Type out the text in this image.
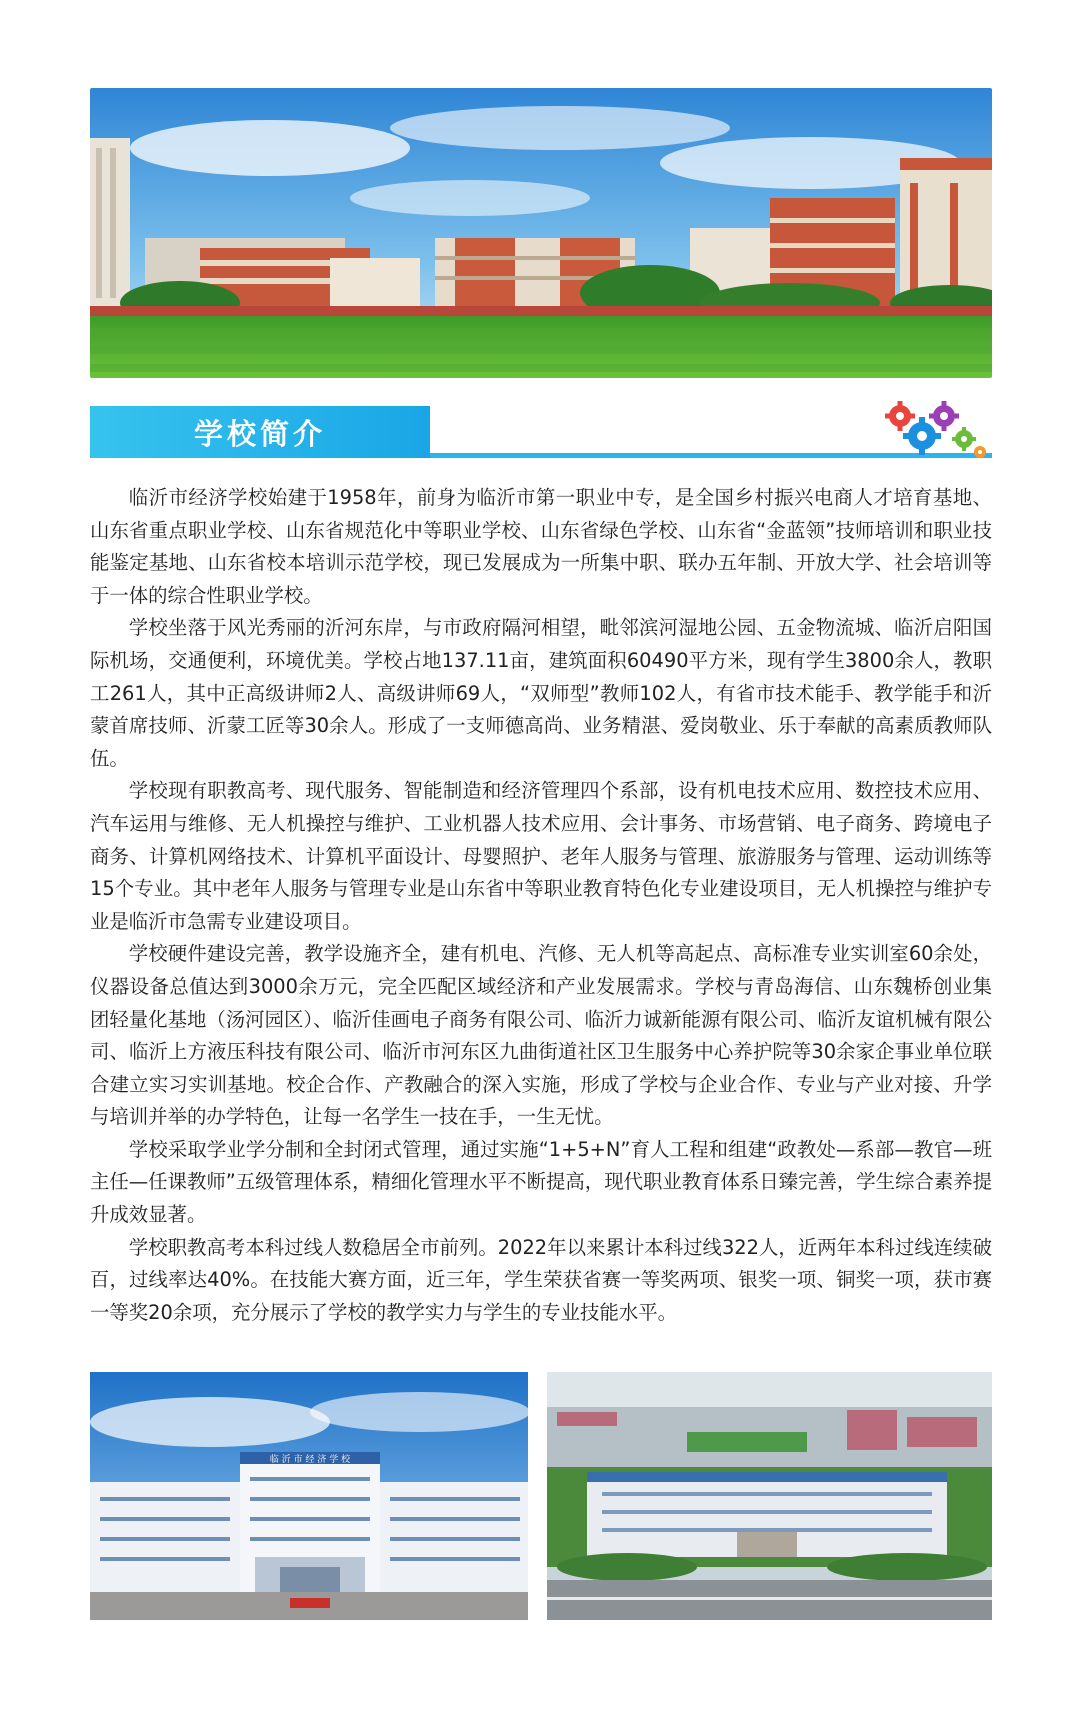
学校简介

临沂市经济学校始建于1958年，前身为临沂市第一职业中专，是全国乡村振兴电商人才培育基地、山东省重点职业学校、山东省规范化中等职业学校、山东省绿色学校、山东省“金蓝领”技师培训和职业技能鉴定基地、山东省校本培训示范学校，现已发展成为一所集中职、联办五年制、开放大学、社会培训等于一体的综合性职业学校。

学校坐落于风光秀丽的沂河东岸，与市政府隔河相望，毗邻滨河湿地公园、五金物流城、临沂启阳国际机场，交通便利，环境优美。学校占地137.11亩，建筑面积60490平方米，现有学生3800余人，教职工261人，其中正高级讲师2人、高级讲师69人，“双师型”教师102人，有省市技术能手、教学能手和沂蒙首席技师、沂蒙工匠等30余人。形成了一支师德高尚、业务精湛、爱岗敬业、乐于奉献的高素质教师队伍。

学校现有职教高考、现代服务、智能制造和经济管理四个系部，设有机电技术应用、数控技术应用、汽车运用与维修、无人机操控与维护、工业机器人技术应用、会计事务、市场营销、电子商务、跨境电子商务、计算机网络技术、计算机平面设计、母婴照护、老年人服务与管理、旅游服务与管理、运动训练等15个专业。其中老年人服务与管理专业是山东省中等职业教育特色化专业建设项目，无人机操控与维护专业是临沂市急需专业建设项目。

学校硬件建设完善，教学设施齐全，建有机电、汽修、无人机等高起点、高标准专业实训室60余处，仪器设备总值达到3000余万元，完全匹配区域经济和产业发展需求。学校与青岛海信、山东魏桥创业集团轻量化基地（汤河园区）、临沂佳画电子商务有限公司、临沂力诚新能源有限公司、临沂友谊机械有限公司、临沂上方液压科技有限公司、临沂市河东区九曲街道社区卫生服务中心养护院等30余家企事业单位联合建立实习实训基地。校企合作、产教融合的深入实施，形成了学校与企业合作、专业与产业对接、升学与培训并举的办学特色，让每一名学生一技在手，一生无忧。

学校采取学业学分制和全封闭式管理，通过实施“1+5+N”育人工程和组建“政教处—系部—教官—班主任—任课教师”五级管理体系，精细化管理水平不断提高，现代职业教育体系日臻完善，学生综合素养提升成效显著。

学校职教高考本科过线人数稳居全市前列。2022年以来累计本科过线322人，近两年本科过线连续破百，过线率达40%。在技能大赛方面，近三年，学生荣获省赛一等奖两项、银奖一项、铜奖一项，获市赛一等奖20余项，充分展示了学校的教学实力与学生的专业技能水平。

临 沂 市 经 济 学 校
